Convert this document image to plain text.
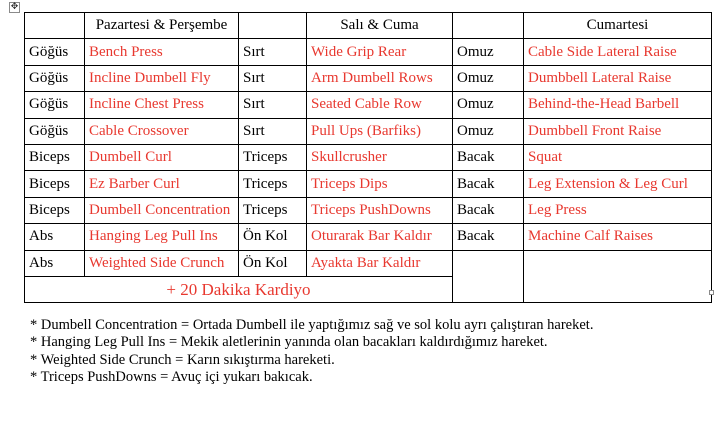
✥
	Pazartesi & Perşembe		Salı & Cuma		Cumartesi
Göğüs	Bench Press	Sırt	Wide Grip Rear	Omuz	Cable Side Lateral Raise
Göğüs	Incline Dumbell Fly	Sırt	Arm Dumbell Rows	Omuz	Dumbbell Lateral Raise
Göğüs	Incline Chest Press	Sırt	Seated Cable Row	Omuz	Behind-the-Head Barbell
Göğüs	Cable Crossover	Sırt	Pull Ups (Barfiks)	Omuz	Dumbbell Front Raise
Biceps	Dumbell Curl	Triceps	Skullcrusher	Bacak	Squat
Biceps	Ez Barber Curl	Triceps	Triceps Dips	Bacak	Leg Extension & Leg Curl
Biceps	Dumbell Concentration	Triceps	Triceps PushDowns	Bacak	Leg Press
Abs	Hanging Leg Pull Ins	Ön Kol	Oturarak Bar Kaldır	Bacak	Machine Calf Raises
Abs	Weighted Side Crunch	Ön Kol	Ayakta Bar Kaldır		
+ 20 Dakika Kardiyo					
* Dumbell Concentration = Ortada Dumbell ile yaptığımız sağ ve sol kolu ayrı çalıştıran hareket.
* Hanging Leg Pull Ins = Mekik aletlerinin yanında olan bacakları kaldırdığımız hareket.
* Weighted Side Crunch = Karın sıkıştırma hareketi.
* Triceps PushDowns = Avuç içi yukarı bakıcak.
